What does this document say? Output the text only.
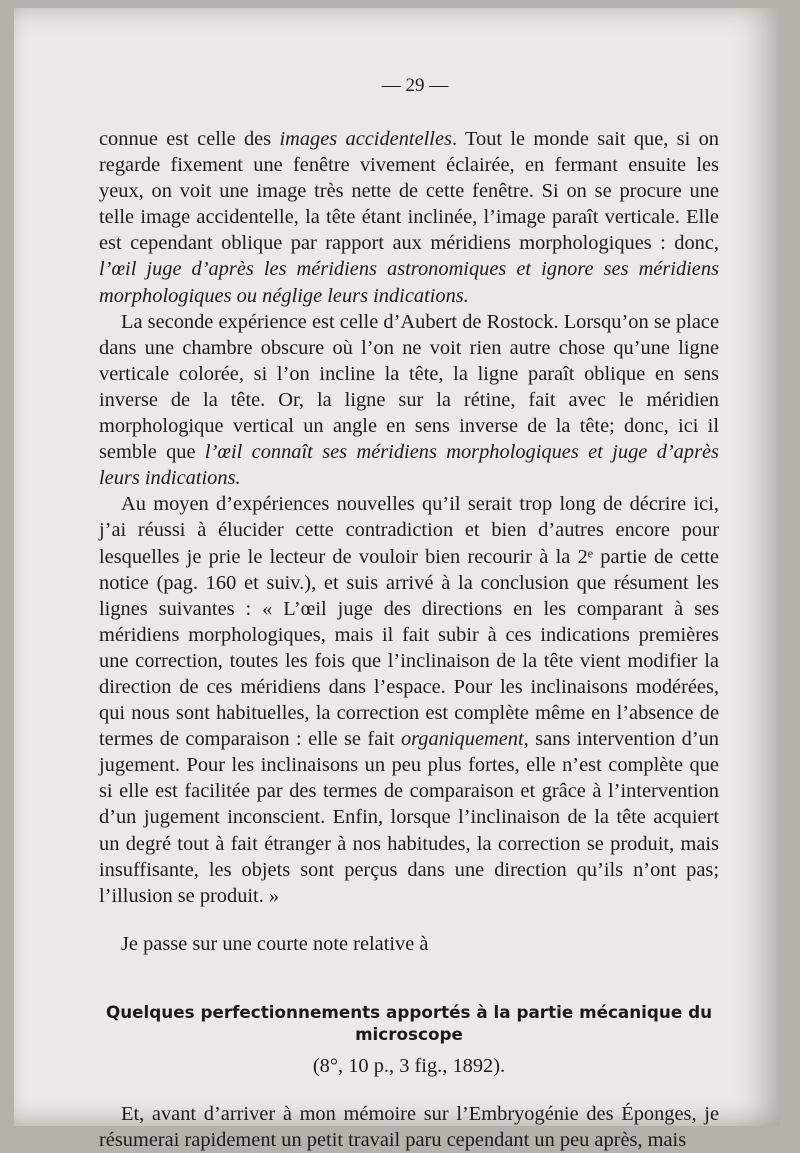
— 29 —

connue est celle des images accidentelles. Tout le monde sait que, si on regarde fixement une fenêtre vivement éclairée, en fermant ensuite les yeux, on voit une image très nette de cette fenêtre. Si on se procure une telle image accidentelle, la tête étant inclinée, l’image paraît verticale. Elle est cependant oblique par rapport aux méridiens morphologiques : donc, l’œil juge d’après les méridiens astronomiques et ignore ses méridiens morphologiques ou néglige leurs indications.

La seconde expérience est celle d’Aubert de Rostock. Lorsqu’on se place dans une chambre obscure où l’on ne voit rien autre chose qu’une ligne verticale colorée, si l’on incline la tête, la ligne paraît oblique en sens inverse de la tête. Or, la ligne sur la rétine, fait avec le méridien morphologique vertical un angle en sens inverse de la tête; donc, ici il semble que l’œil connaît ses méridiens morphologiques et juge d’après leurs indications.

Au moyen d’expériences nouvelles qu’il serait trop long de décrire ici, j’ai réussi à élucider cette contradiction et bien d’autres encore pour lesquelles je prie le lecteur de vouloir bien recourir à la 2ᵉ partie de cette notice (pag. 160 et suiv.), et suis arrivé à la conclusion que résument les lignes suivantes : « L’œil juge des directions en les comparant à ses méridiens morphologiques, mais il fait subir à ces indications premières une correction, toutes les fois que l’inclinaison de la tête vient modifier la direction de ces méridiens dans l’espace. Pour les inclinaisons modérées, qui nous sont habituelles, la correction est complète même en l’absence de termes de comparaison : elle se fait organiquement, sans intervention d’un jugement. Pour les inclinaisons un peu plus fortes, elle n’est complète que si elle est facilitée par des termes de comparaison et grâce à l’intervention d’un jugement inconscient. Enfin, lorsque l’inclinaison de la tête acquiert un degré tout à fait étranger à nos habitudes, la correction se produit, mais insuffisante, les objets sont perçus dans une direction qu’ils n’ont pas; l’illusion se produit. »

Je passe sur une courte note relative à

Quelques perfectionnements apportés à la partie mécanique du microscope
(8°, 10 p., 3 fig., 1892).

Et, avant d’arriver à mon mémoire sur l’Embryogénie des Éponges, je résumerai rapidement un petit travail paru cependant un peu après, mais
